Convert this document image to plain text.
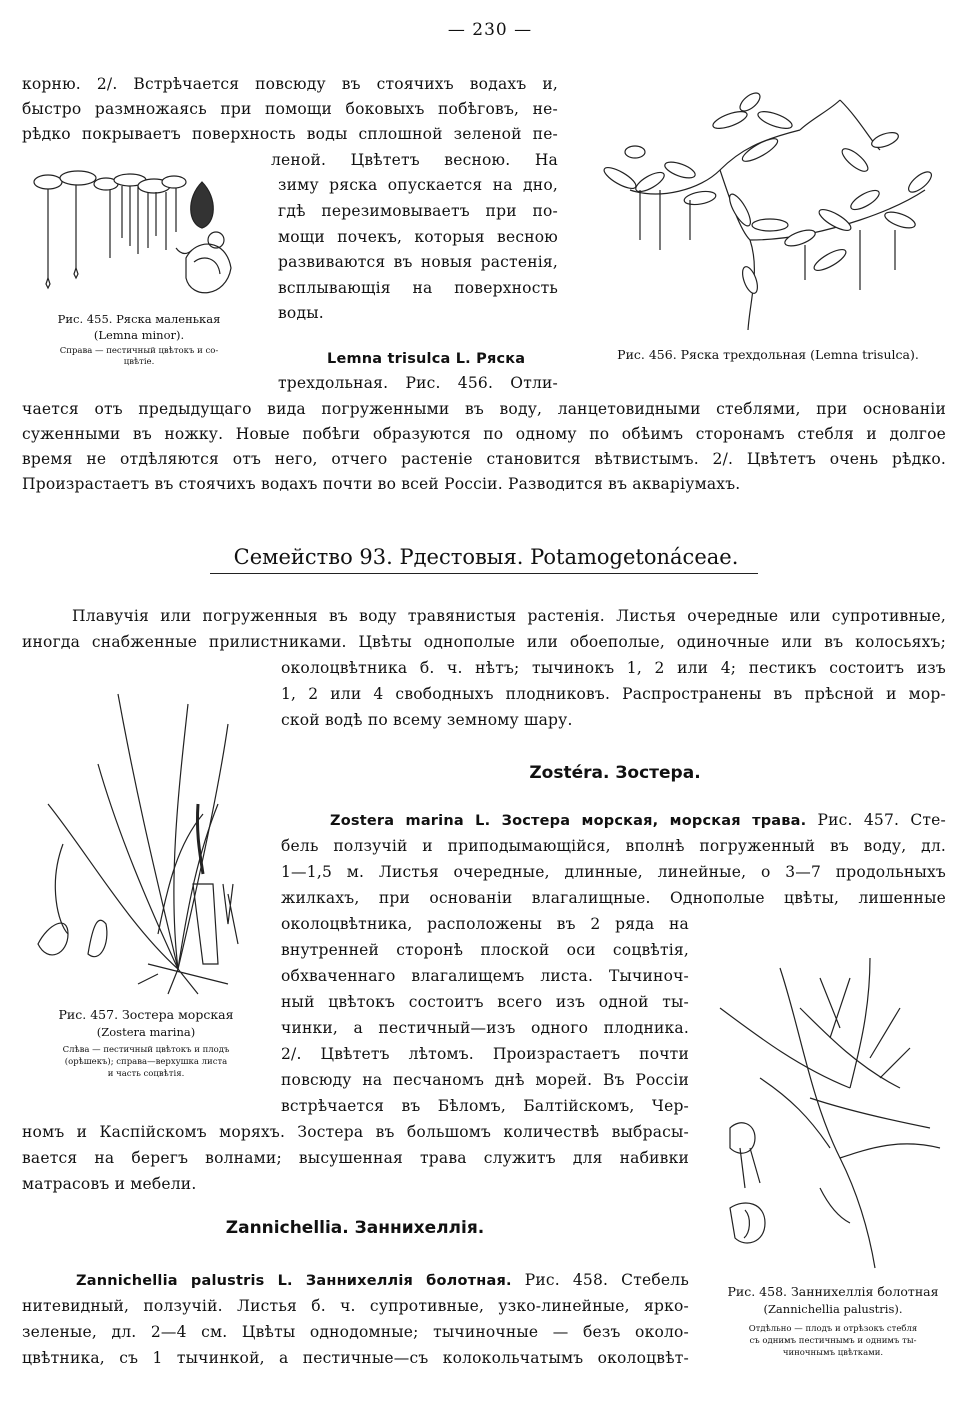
— 230 —
корню. 2/. Встрѣчается повсюду въ стоячихъ водахъ и,
быстро размножаясь при помощи боковыхъ побѣговъ, не-
рѣдко покрываетъ поверхность воды сплошной зеленой пе-
леной. Цвѣтетъ весною. На
зиму ряска опускается на дно,
гдѣ перезимовываетъ при по-
мощи почекъ, которыя весною
развиваются въ новыя растенія,
всплывающія на поверхность
воды.
Рис. 455. Ряска маленькая
(Lemna minor).
Справа — пестичный цвѣтокъ и со-
цвѣтіе.	Рис. 456. Ряска трехдольная (Lemna trisulca).
Lemna trisulca L. Ряска
трехдольная. Рис. 456. Отли-
чается отъ предыдущаго вида погруженными въ воду, ланцетовидными стеблями, при основаніи
суженными въ ножку. Новые побѣги образуются по одному по обѣимъ сторонамъ стебля и долгое
время не отдѣляются отъ него, отчего растеніе становится вѣтвистымъ. 2/. Цвѣтетъ очень рѣдко.
Произрастаетъ въ стоячихъ водахъ почти во всей Россіи. Разводится въ акваріумахъ.
Семейство 93. Рдестовыя. Potamogetonáceae.
Плавучія или погруженныя въ воду травянистыя растенія. Листья очередные или супротивные,
иногда снабженные прилистниками. Цвѣты однополые или обоеполые, одиночные или въ колосьяхъ;
околоцвѣтника б. ч. нѣтъ; тычинокъ 1, 2 или 4; пестикъ состоитъ изъ
1, 2 или 4 свободныхъ плодниковъ. Распространены въ прѣсной и мор-
ской водѣ по всему земному шару.
Рис. 457. Зостера морская
(Zostera marina)
Слѣва — пестичный цвѣтокъ и плодъ
(орѣшекъ); справа—верхушка листа
и часть соцвѣтія.
Zostéra. Зостера.
Zostera marina L. Зостера морская, морская трава. Рис. 457. Сте-
бель ползучій и приподымающійся, вполнѣ погруженный въ воду, дл.
1—1,5 м. Листья очередные, длинные, линейные, о 3—7 продольныхъ
жилкахъ, при основаніи влагалищные. Однополые цвѣты, лишенные
околоцвѣтника, расположены въ 2 ряда на
внутренней сторонѣ плоской оси соцвѣтія,
обхваченнаго влагалищемъ листа. Тычиноч-
ный цвѣтокъ состоитъ всего изъ одной ты-
чинки, а пестичный—изъ одного плодника.
2/. Цвѣтетъ лѣтомъ. Произрастаетъ почти
повсюду на песчаномъ днѣ морей. Въ Россіи
встрѣчается въ Бѣломъ, Балтійскомъ, Чер-
номъ и Каспійскомъ моряхъ. Зостера въ большомъ количествѣ выбрасы-
вается на берегъ волнами; высушенная трава служитъ для набивки
матрасовъ и мебели.
Рис. 458. Заннихеллія болотная
(Zannichellia palustris).
Отдѣльно — плодъ и отрѣзокъ стебля
съ однимъ пестичнымъ и однимъ ты-
чиночнымъ цвѣтками.
Zannichellia. Заннихеллія.
Zannichellia palustris L. Заннихеллія болотная. Рис. 458. Стебель
нитевидный, ползучій. Листья б. ч. супротивные, узко-линейные, ярко-
зеленые, дл. 2—4 см. Цвѣты однодомные; тычиночные — безъ околo-
цвѣтника, съ 1 тычинкой, а пестичные—съ колокольчатымъ околоцвѣт-
